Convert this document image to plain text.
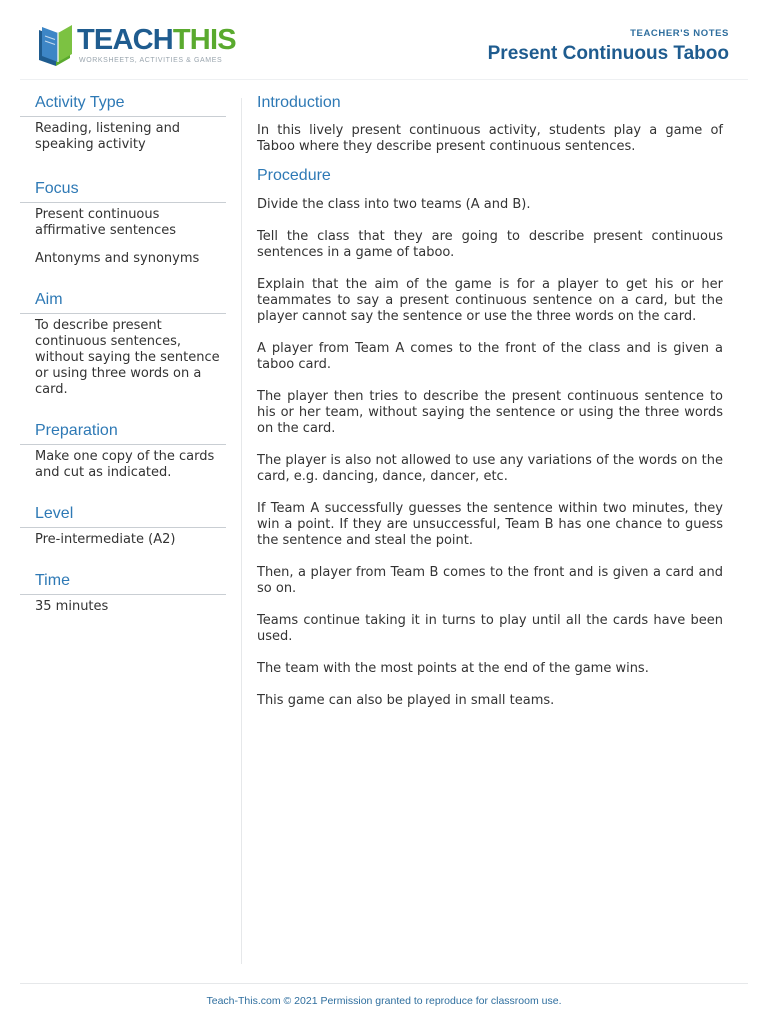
TEACHTHIS
WORKSHEETS, ACTIVITIES & GAMES
TEACHER'S NOTES
Present Continuous Taboo
Activity Type
Reading, listening and speaking activity
Focus
Present continuous affirmative sentences
Antonyms and synonyms
Aim
To describe present continuous sentences, without saying the sentence or using three words on a card.
Preparation
Make one copy of the cards and cut as indicated.
Level
Pre-intermediate (A2)
Time
35 minutes
Introduction

In this lively present continuous activity, students play a game of Taboo where they describe present continuous sentences.

Procedure

Divide the class into two teams (A and B).

Tell the class that they are going to describe present continuous sentences in a game of taboo.

Explain that the aim of the game is for a player to get his or her teammates to say a present continuous sentence on a card, but the player cannot say the sentence or use the three words on the card.

A player from Team A comes to the front of the class and is given a taboo card.

The player then tries to describe the present continuous sentence to his or her team, without saying the sentence or using the three words on the card.

The player is also not allowed to use any variations of the words on the card, e.g. dancing, dance, dancer, etc.

If Team A successfully guesses the sentence within two minutes, they win a point. If they are unsuccessful, Team B has one chance to guess the sentence and steal the point.

Then, a player from Team B comes to the front and is given a card and so on.

Teams continue taking it in turns to play until all the cards have been used.

The team with the most points at the end of the game wins.

This game can also be played in small teams.

Teach-This.com © 2021 Permission granted to reproduce for classroom use.
